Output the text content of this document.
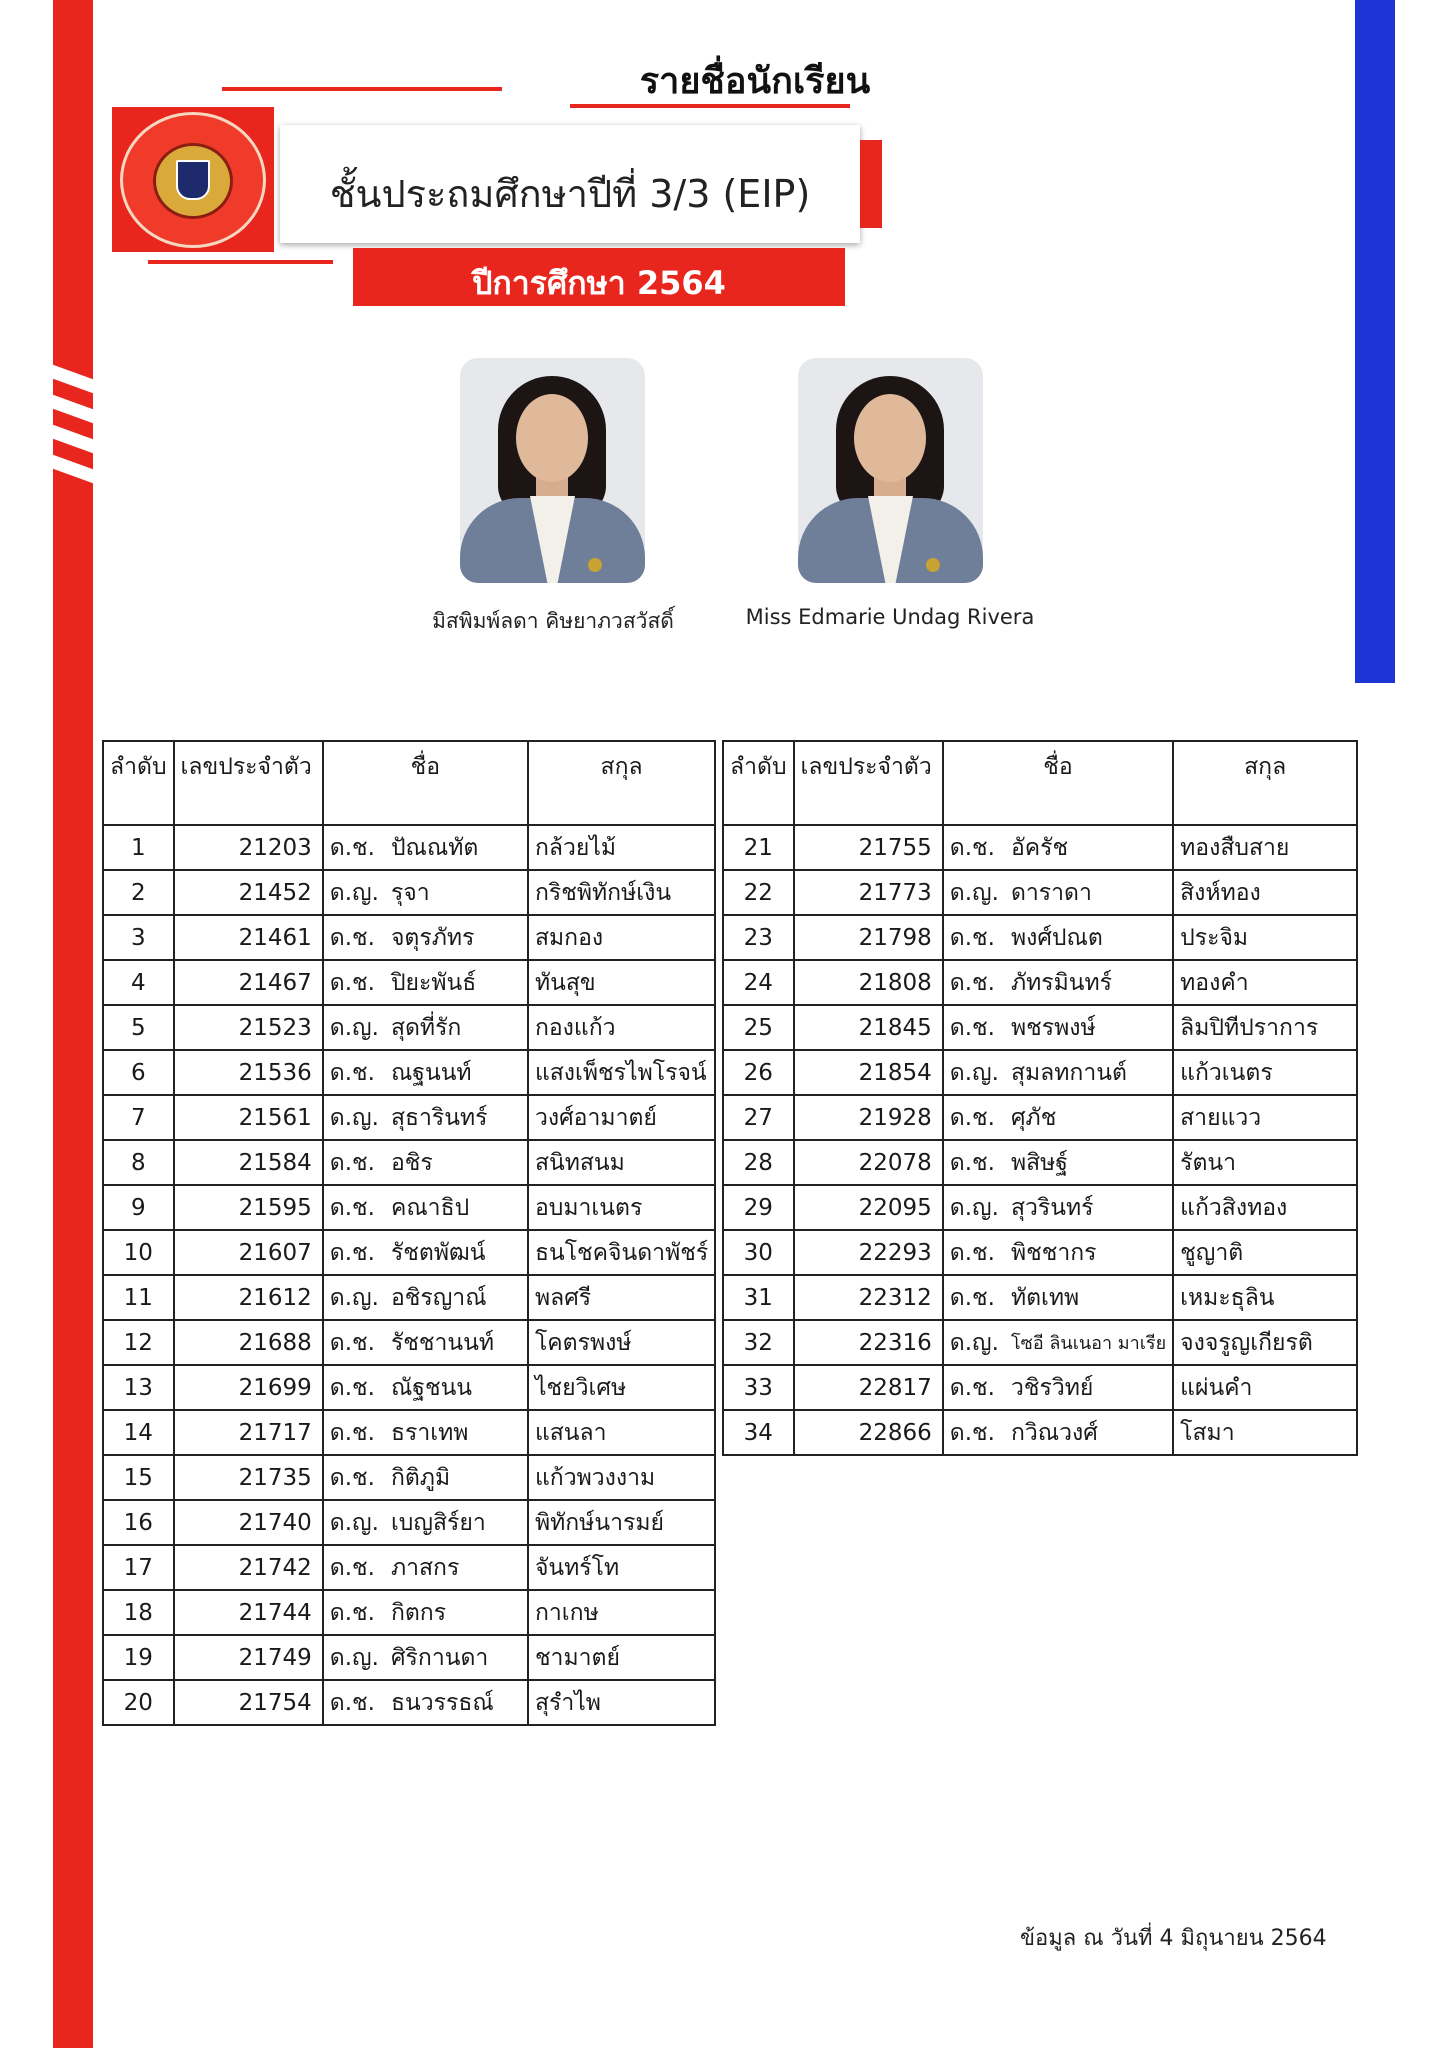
รายชื่อนักเรียน
ชั้นประถมศึกษาปีที่ 3/3 (EIP)
ปีการศึกษา 2564
มิสพิมพ์ลดา คิษยาภวสวัสดิ์	Miss Edmarie Undag Rivera
ลำดับ	เลขประจำตัว	ชื่อ		สกุล
1	21203	ด.ช.	ปัณณทัต	กล้วยไม้
2	21452	ด.ญ.	รุจา	กริชพิทักษ์เงิน
3	21461	ด.ช.	จตุรภัทร	สมกอง
4	21467	ด.ช.	ปิยะพันธ์	ทันสุข
5	21523	ด.ญ.	สุดที่รัก	กองแก้ว
6	21536	ด.ช.	ณฐนนท์	แสงเพ็ชรไพโรจน์
7	21561	ด.ญ.	สุธารินทร์	วงศ์อามาตย์
8	21584	ด.ช.	อชิร	สนิทสนม
9	21595	ด.ช.	คณาธิป	อบมาเนตร
10	21607	ด.ช.	รัชตพัฒน์	ธนโชคจินดาพัชร์
11	21612	ด.ญ.	อชิรญาณ์	พลศรี
12	21688	ด.ช.	รัชชานนท์	โคตรพงษ์
13	21699	ด.ช.	ณัฐชนน	ไชยวิเศษ
14	21717	ด.ช.	ธราเทพ	แสนลา
15	21735	ด.ช.	กิติภูมิ	แก้วพวงงาม
16	21740	ด.ญ.	เบญสิร์ยา	พิทักษ์นารมย์
17	21742	ด.ช.	ภาสกร	จันทร์โท
18	21744	ด.ช.	กิตกร	กาเกษ
19	21749	ด.ญ.	ศิริกานดา	ชามาตย์
20	21754	ด.ช.	ธนวรรธณ์	สุรำไพ
ลำดับ	เลขประจำตัว	ชื่อ		สกุล
21	21755	ด.ช.	อัครัช	ทองสืบสาย
22	21773	ด.ญ.	ดาราดา	สิงห์ทอง
23	21798	ด.ช.	พงศ์ปณต	ประจิม
24	21808	ด.ช.	ภัทรมินทร์	ทองคำ
25	21845	ด.ช.	พชรพงษ์	ลิมปิทีปราการ
26	21854	ด.ญ.	สุมลทกานต์	แก้วเนตร
27	21928	ด.ช.	ศุภัช	สายแวว
28	22078	ด.ช.	พสิษฐ์	รัตนา
29	22095	ด.ญ.	สุวรินทร์	แก้วสิงทอง
30	22293	ด.ช.	พิชชากร	ชูญาติ
31	22312	ด.ช.	ทัตเทพ	เหมะธุลิน
32	22316	ด.ญ.	โซอี ลินเนอา มาเรีย	จงจรูญเกียรติ
33	22817	ด.ช.	วชิรวิทย์	แผ่นคำ
34	22866	ด.ช.	กวิณวงศ์	โสมา
ข้อมูล ณ วันที่ 4 มิถุนายน 2564
